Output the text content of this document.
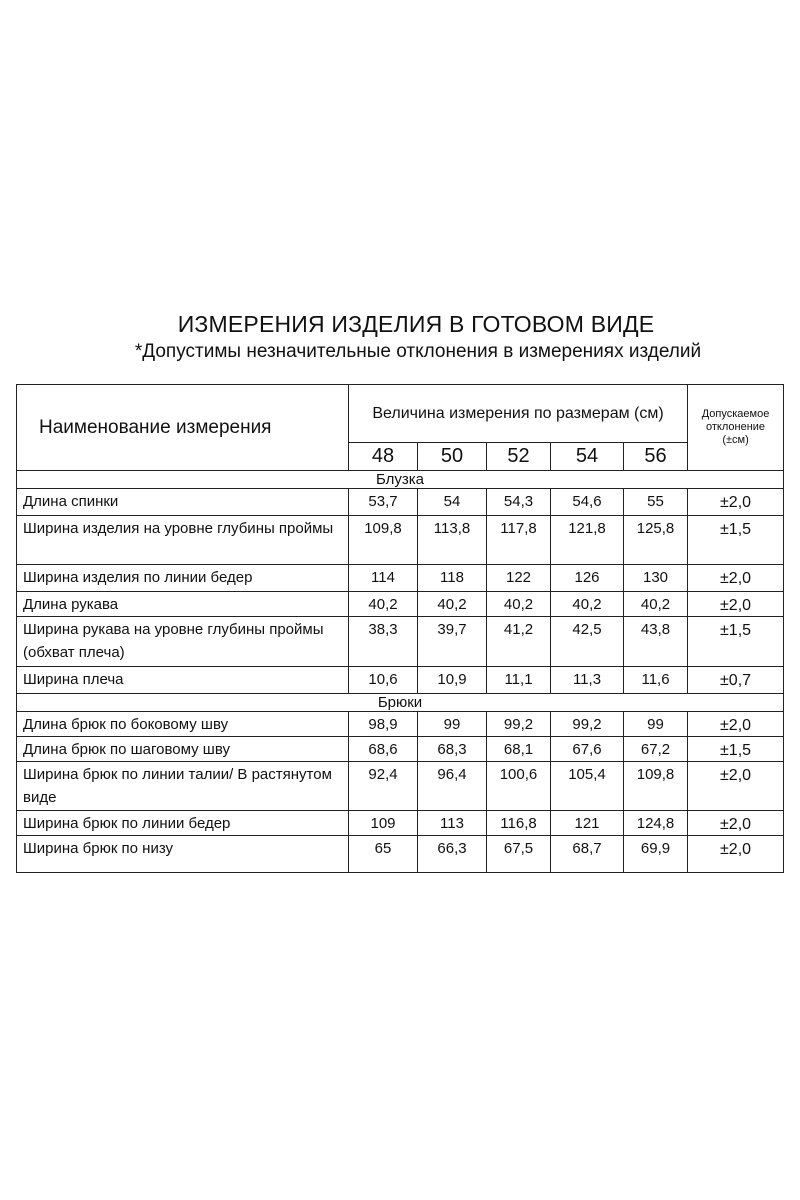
ИЗМЕРЕНИЯ ИЗДЕЛИЯ В ГОТОВОМ ВИДЕ
*Допустимы незначительные отклонения в измерениях изделий
Наименование измерения	Величина измерения по размерам (см)					Допускаемое
отклонение
(±см)
	48	50	52	54	56	
Блузка						
Длина спинки	53,7	54	54,3	54,6	55	±2,0
Ширина изделия на уровне глубины проймы	109,8	113,8	117,8	121,8	125,8	±1,5
Ширина изделия по линии бедер	114	118	122	126	130	±2,0
Длина рукава	40,2	40,2	40,2	40,2	40,2	±2,0
Ширина рукава на уровне глубины проймы (обхват плеча)	38,3	39,7	41,2	42,5	43,8	±1,5
Ширина плеча	10,6	10,9	11,1	11,3	11,6	±0,7
Брюки						
Длина брюк по боковому шву	98,9	99	99,2	99,2	99	±2,0
Длина брюк по шаговому шву	68,6	68,3	68,1	67,6	67,2	±1,5
Ширина брюк по линии талии/ В растянутом виде	92,4	96,4	100,6	105,4	109,8	±2,0
Ширина брюк по линии бедер	109	113	116,8	121	124,8	±2,0
Ширина брюк по низу	65	66,3	67,5	68,7	69,9	±2,0
